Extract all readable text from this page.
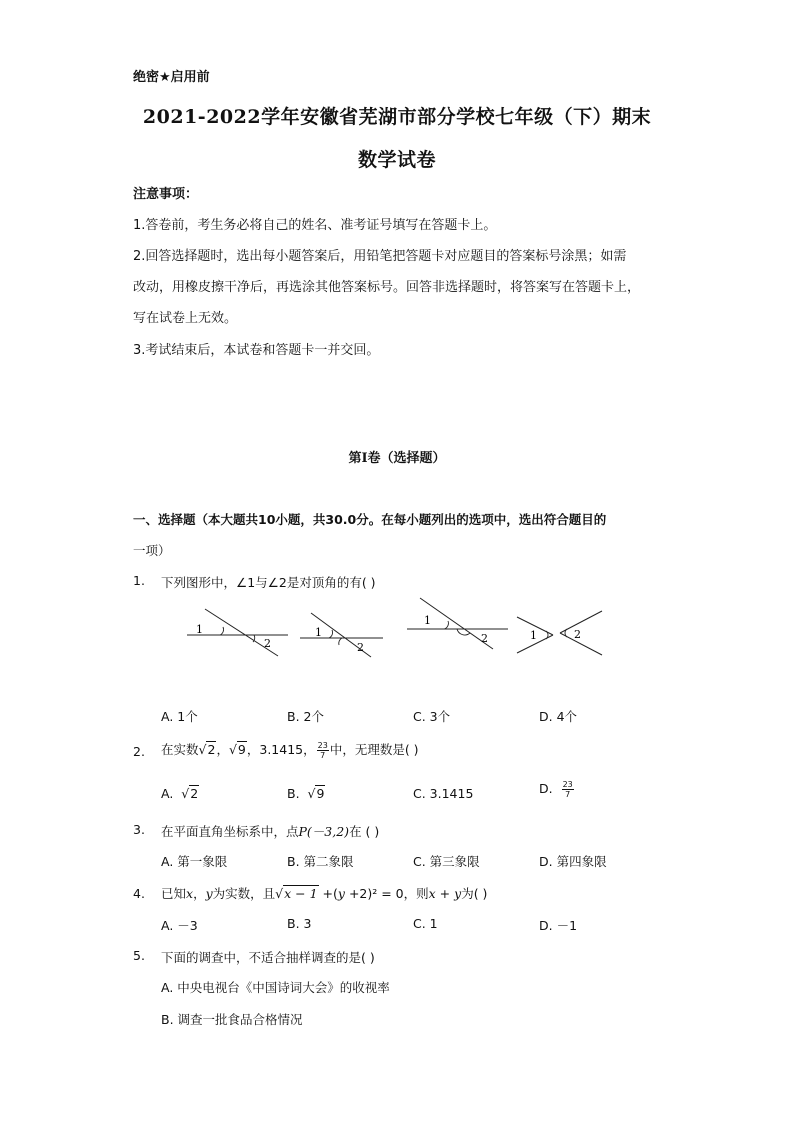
绝密★启用前
2021-2022学年安徽省芜湖市部分学校七年级（下）期末
数学试卷
注意事项：
1.答卷前，考生务必将自己的姓名、准考证号填写在答题卡上。
2.回答选择题时，选出每小题答案后，用铅笔把答题卡对应题目的答案标号涂黑；如需
改动，用橡皮擦干净后，再选涂其他答案标号。回答非选择题时，将答案写在答题卡上，
写在试卷上无效。
3.考试结束后，本试卷和答题卡一并交回。
第Ⅰ卷（选择题）
一、选择题（本大题共10小题，共30.0分。在每小题列出的选项中，选出符合题目的
一项）
1. 下列图形中，∠1与∠2是对顶角的有( )
1
2
1
2
1
2	1	2
A. 1个	B. 2个	C. 3个	D. 4个
2. 在实数√2，√9，3.1415， $\frac{23}{7}$ 中，无理数是( )
A. √2	B. √9	C. 3.1415	D. $\frac{23}{7}$
3. 在平面直角坐标系中，点P(－3,2)在 ( )
A. 第一象限	B. 第二象限	C. 第三象限	D. 第四象限
4. 已知x，y为实数，且√x − 1 +(y +2)² = 0，则x + y为( )
A. －3	B. 3	C. 1	D. －1
5. 下面的调查中，不适合抽样调查的是( )
A. 中央电视台《中国诗词大会》的收视率
B. 调查一批食品合格情况
